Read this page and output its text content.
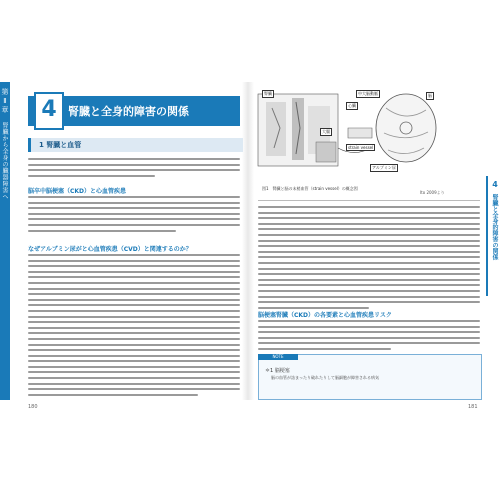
第Ⅱ章
腎臓から全身の臓器障害へ
4	腎臓と全身的障害の関係
1 腎臓と血管
脳卒中脳梗塞（CKD）と心血管疾患
なぜアルブミン尿がと心血管疾患（CVD）と関連するのか？
180
腎臓
大腸
心臓
中大脳動脈
strain vessel
アルブミン尿
脳
図1　腎臓と脳の末梢血管（strain vessel）の概念図
Ito 2009より
脳梗塞腎臓（CKD）の各要素と心血管疾患リスク
NOTE
＊1 脳梗塞
脳の血管が詰まったり破れたりして脳細胞が障害される病気
181
4
腎臓と全身的障害の関係
